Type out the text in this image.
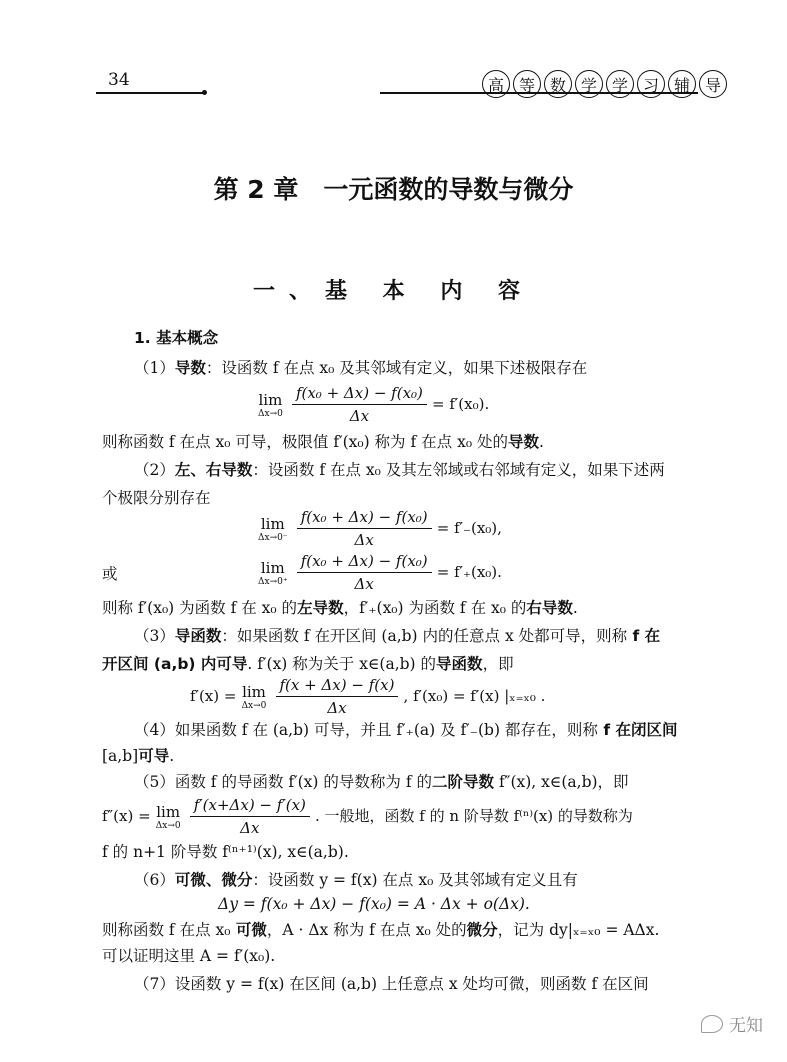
34	高 等 数 学 学 习 辅 导
第 2 章　一元函数的导数与微分
一、基 本 内 容
1. 基本概念
（1）导数：设函数 f 在点 x₀ 及其邻域有定义，如果下述极限存在
lim
Δx→0
$\frac{\text{f(x₀ + Δx) − f(x₀)}}{\Delta x} = f'(x_0)$.
则称函数 f 在点 x₀ 可导，极限值 f′(x₀) 称为 f 在点 x₀ 处的导数.
（2）左、右导数：设函数 f 在点 x₀ 及其左邻域或右邻域有定义，如果下述两
个极限分别存在
lim
Δx→0⁻
$\frac{\text{f(x₀ + Δx) − f(x₀)}}{\Delta x} = f'_-(x_0)$,
或	lim
Δx→0⁺
$\frac{\text{f(x₀ + Δx) − f(x₀)}}{\Delta x} = f'_+(x_0)$.
则称 f′(x₀) 为函数 f 在 x₀ 的左导数，f′₊(x₀) 为函数 f 在 x₀ 的右导数.
（3）导函数：如果函数 f 在开区间 (a,b) 内的任意点 x 处都可导，则称 f 在
开区间 (a,b) 内可导. f′(x) 称为关于 x∈(a,b) 的导函数，即
f′(x) = lim
Δx→0
$\frac{f(x + \Delta x) - f(x)}{\Delta x}$ , f′(x₀) = f′(x) |ₓ₌ₓ₀ .
（4）如果函数 f 在 (a,b) 可导，并且 f′₊(a) 及 f′₋(b) 都存在，则称 f 在闭区间
[a,b]可导.
（5）函数 f 的导函数 f′(x) 的导数称为 f 的二阶导数 f″(x), x∈(a,b)，即
f″(x) = lim
Δx→0
$\frac{f'(x+\Delta x) - f'(x)}{\Delta x}$ . 一般地，函数 f 的 n 阶导数 f⁽ⁿ⁾(x) 的导数称为
f 的 n+1 阶导数 f⁽ⁿ⁺¹⁾(x), x∈(a,b).
（6）可微、微分：设函数 y = f(x) 在点 x₀ 及其邻域有定义且有
Δy = f(x₀ + Δx) − f(x₀) = A · Δx + o(Δx).
则称函数 f 在点 x₀ 可微，A · Δx 称为 f 在点 x₀ 处的微分，记为 dy|ₓ₌ₓ₀ = AΔx.
可以证明这里 A = f′(x₀).
（7）设函数 y = f(x) 在区间 (a,b) 上任意点 x 处均可微，则函数 f 在区间
无知
